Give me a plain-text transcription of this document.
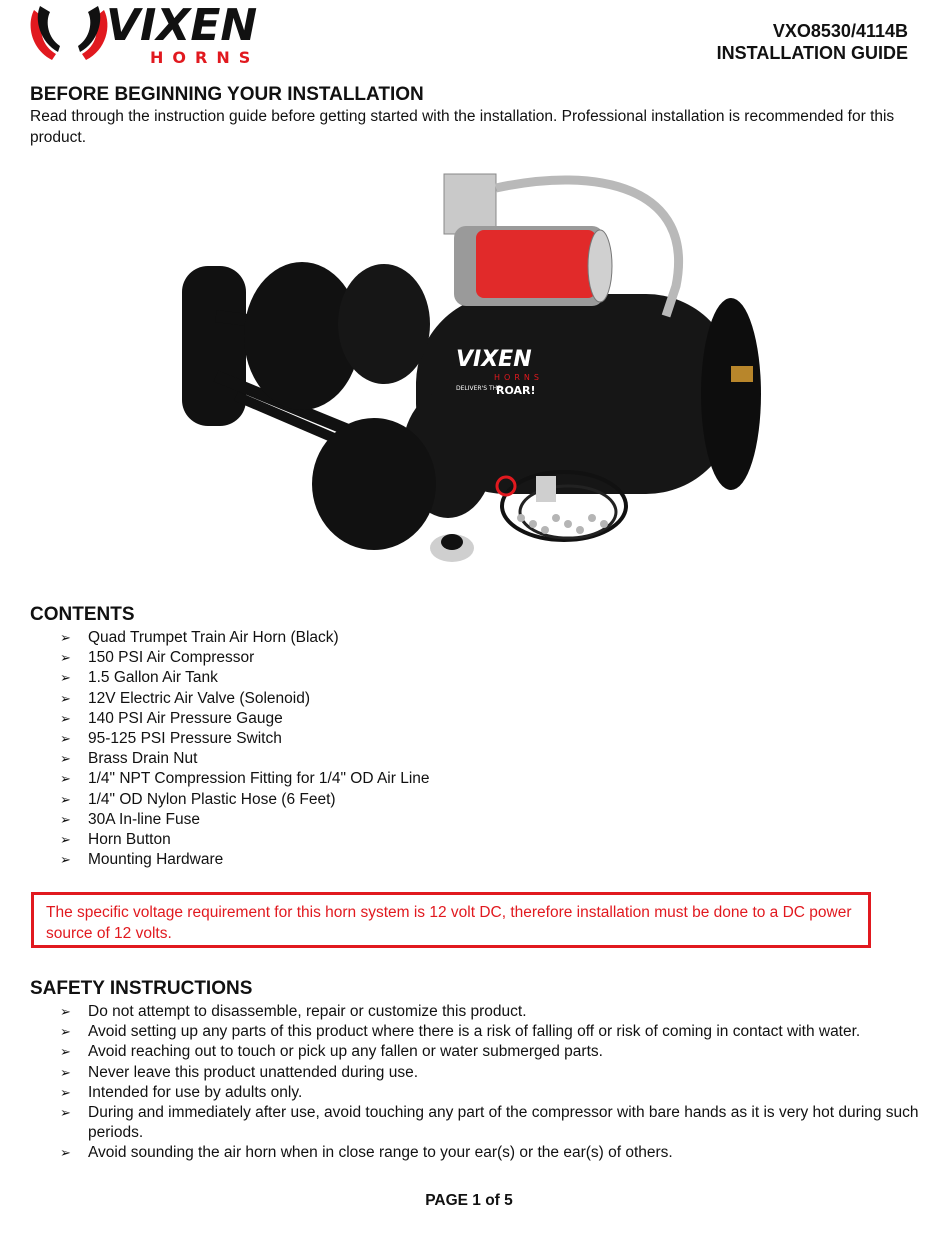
VIXEN
HORNS
VXO8530/4114B
INSTALLATION GUIDE
BEFORE BEGINNING YOUR INSTALLATION
Read through the instruction guide before getting started with the installation. Professional installation is recommended for this product.
VIXEN
HORNS
DELIVER'S THE
ROAR!
CONTENTS
➢ Quad Trumpet Train Air Horn (Black)
➢ 150 PSI Air Compressor
➢ 1.5 Gallon Air Tank
➢ 12V Electric Air Valve (Solenoid)
➢ 140 PSI Air Pressure Gauge
➢ 95-125 PSI Pressure Switch
➢ Brass Drain Nut
➢ 1/4" NPT Compression Fitting for 1/4" OD Air Line
➢ 1/4" OD Nylon Plastic Hose (6 Feet)
➢ 30A In-line Fuse
➢ Horn Button
➢ Mounting Hardware
The specific voltage requirement for this horn system is 12 volt DC, therefore installation must be done to a DC power source of 12 volts.
SAFETY INSTRUCTIONS
➢ Do not attempt to disassemble, repair or customize this product.
➢ Avoid setting up any parts of this product where there is a risk of falling off or risk of coming in contact with water.
➢ Avoid reaching out to touch or pick up any fallen or water submerged parts.
➢ Never leave this product unattended during use.
➢ Intended for use by adults only.
➢ During and immediately after use, avoid touching any part of the compressor with bare hands as it is very hot during such periods.
➢ Avoid sounding the air horn when in close range to your ear(s) or the ear(s) of others.
PAGE 1 of 5
